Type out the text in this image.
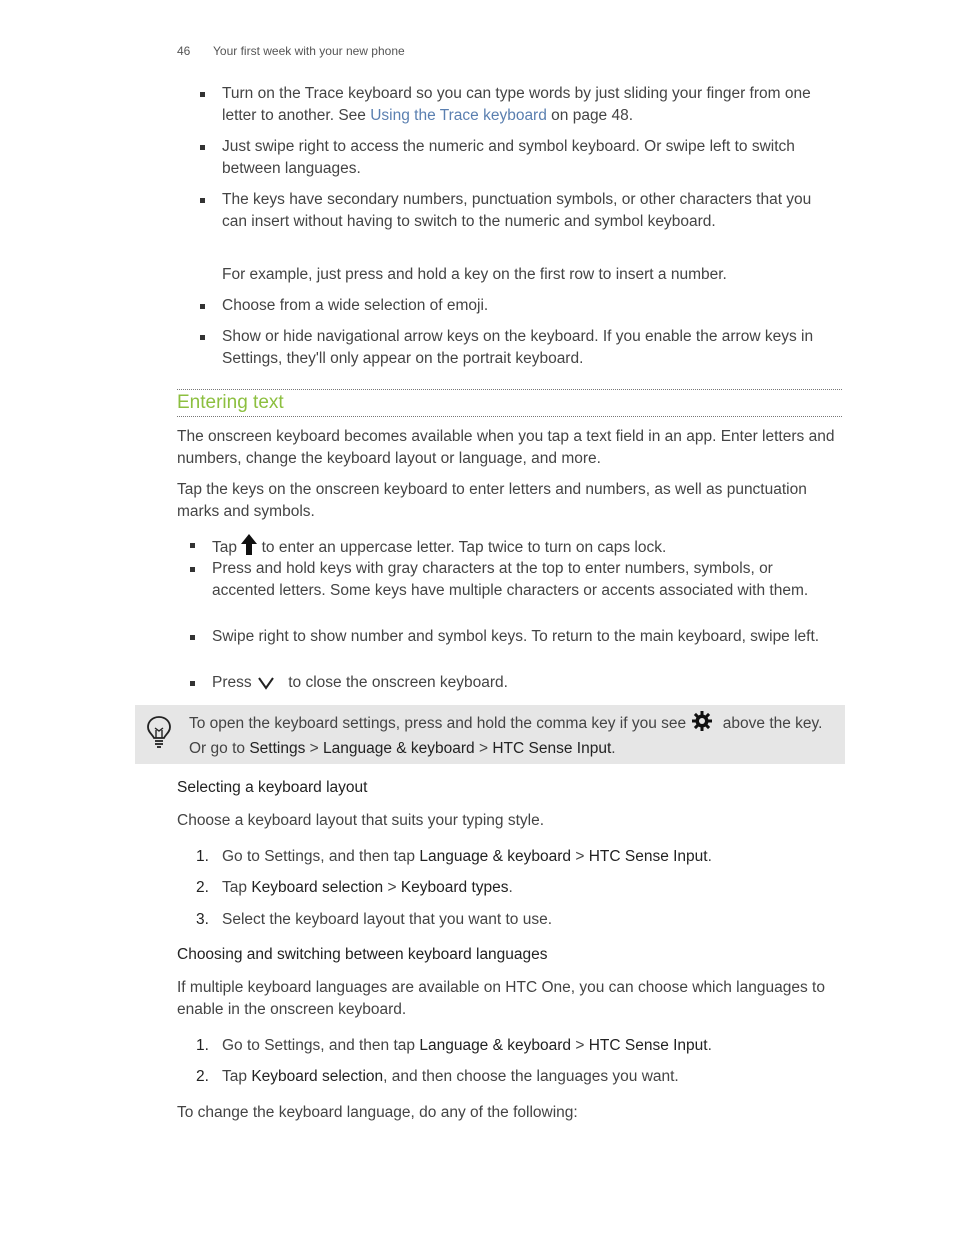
46 Your first week with your new phone
Turn on the Trace keyboard so you can type words by just sliding your finger from one letter to another. See Using the Trace keyboard on page 48.
Just swipe right to access the numeric and symbol keyboard. Or swipe left to switch between languages.
The keys have secondary numbers, punctuation symbols, or other characters that you can insert without having to switch to the numeric and symbol keyboard.
For example, just press and hold a key on the first row to insert a number.
Choose from a wide selection of emoji.
Show or hide navigational arrow keys on the keyboard. If you enable the arrow keys in Settings, they'll only appear on the portrait keyboard.
Entering text
The onscreen keyboard becomes available when you tap a text field in an app. Enter letters and numbers, change the keyboard layout or language, and more.
Tap the keys on the onscreen keyboard to enter letters and numbers, as well as punctuation marks and symbols.
Tap  to enter an uppercase letter. Tap twice to turn on caps lock.
Press and hold keys with gray characters at the top to enter numbers, symbols, or accented letters. Some keys have multiple characters or accents associated with them.
Swipe right to show number and symbol keys. To return to the main keyboard, swipe left.
Press  to close the onscreen keyboard.
To open the keyboard settings, press and hold the comma key if you see  above the key. Or go to Settings > Language & keyboard > HTC Sense Input.
Selecting a keyboard layout
Choose a keyboard layout that suits your typing style.
1. Go to Settings, and then tap Language & keyboard > HTC Sense Input.
2. Tap Keyboard selection > Keyboard types.
3. Select the keyboard layout that you want to use.
Choosing and switching between keyboard languages
If multiple keyboard languages are available on HTC One, you can choose which languages to enable in the onscreen keyboard.
1. Go to Settings, and then tap Language & keyboard > HTC Sense Input.
2. Tap Keyboard selection, and then choose the languages you want.
To change the keyboard language, do any of the following:
